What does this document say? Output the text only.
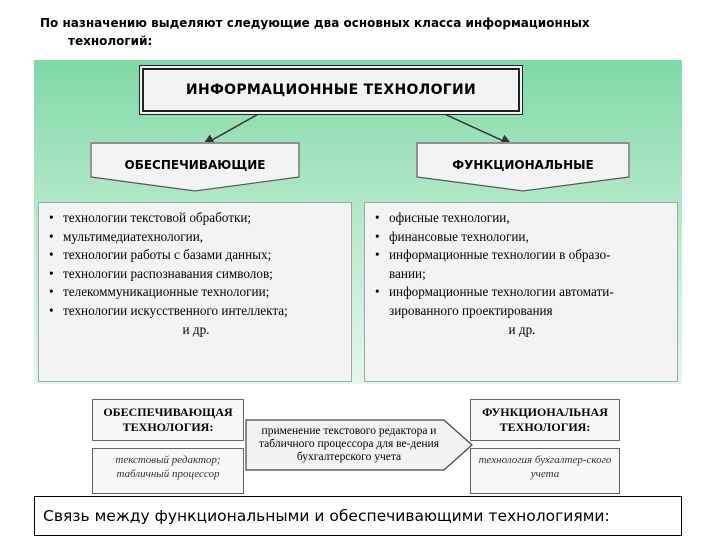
По назначению выделяют следующие два основных класса информационных
технологий:
ИНФОРМАЦИОННЫЕ ТЕХНОЛОГИИ
ОБЕСПЕЧИВАЮЩИЕ	ФУНКЦИОНАЛЬНЫЕ
• технологии текстовой обработки;
• мультимедиатехнологии,
• технологии работы с базами данных;
• технологии распознавания символов;
• телекоммуникационные технологии;
• технологии искусственного интеллекта;
и др.
• офисные технологии,
• финансовые технологии,
• информационные технологии в образо-
вании;
• информационные технологии автомати-
зированного проектирования
и др.
ОБЕСПЕЧИВАЮЩАЯ ТЕХНОЛОГИЯ:
текстовый редактор; табличный процессор
применение текстового редактора и табличного процессора для ве-дения бухгалтерского учета
ФУНКЦИОНАЛЬНАЯ ТЕХНОЛОГИЯ:
технология бухгалтер-ского учета
Связь между функциональными и обеспечивающими технологиями:
